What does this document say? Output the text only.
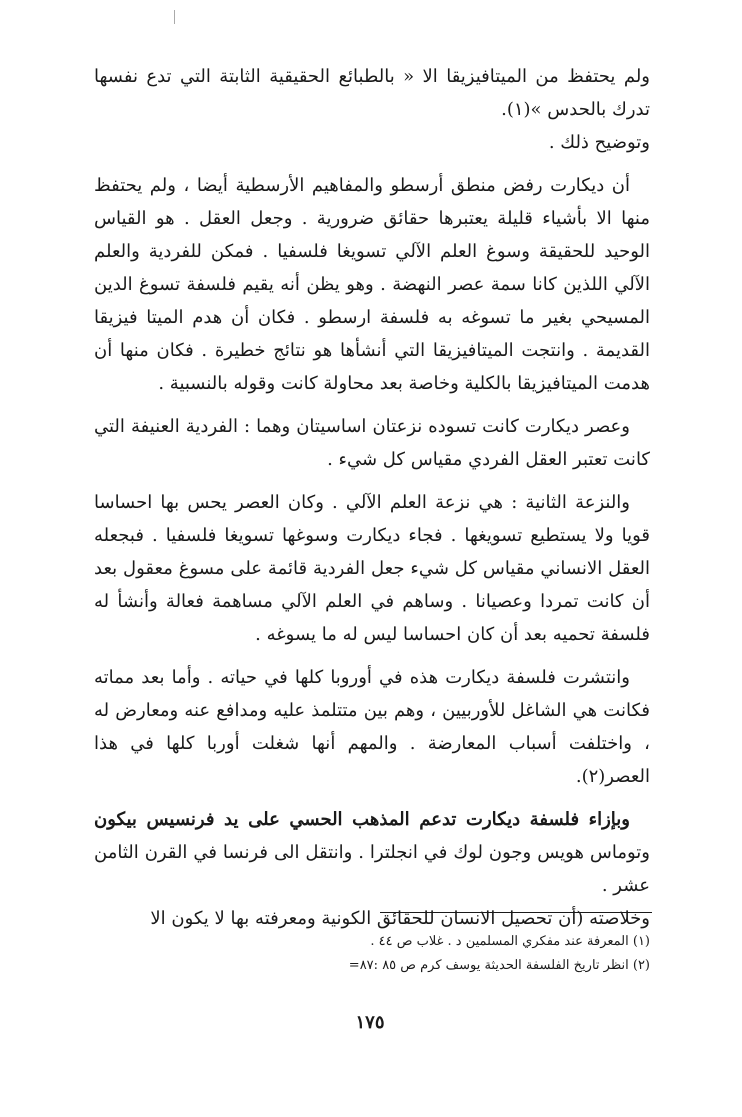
ولم يحتفظ من الميتافيزيقا الا « بالطبائع الحقيقية الثابتة التي تدع نفسها تدرك بالحدس »(١).

وتوضيح ذلك .

أن ديكارت رفض منطق أرسطو والمفاهيم الأرسطية أيضا ، ولم يحتفظ منها الا بأشياء قليلة يعتبرها حقائق ضرورية . وجعل العقل . هو القياس الوحيد للحقيقة وسوغ العلم الآلي تسويغا فلسفيا . فمكن للفردية والعلم الآلي اللذين كانا سمة عصر النهضة . وهو يظن أنه يقيم فلسفة تسوغ الدين المسيحي بغير ما تسوغه به فلسفة ارسطو . فكان أن هدم الميتا فيزيقا القديمة . وانتجت الميتافيزيقا التي أنشأها هو نتائج خطيرة . فكان منها أن هدمت الميتافيزيقا بالكلية وخاصة بعد محاولة كانت وقوله بالنسبية .

وعصر ديكارت كانت تسوده نزعتان اساسيتان وهما : الفردية العنيفة التي كانت تعتبر العقل الفردي مقياس كل شيء .

والنزعة الثانية : هي نزعة العلم الآلي . وكان العصر يحس بها احساسا قويا ولا يستطيع تسويغها . فجاء ديكارت وسوغها تسويغا فلسفيا . فبجعله العقل الانساني مقياس كل شيء جعل الفردية قائمة على مسوغ معقول بعد أن كانت تمردا وعصيانا . وساهم في العلم الآلي مساهمة فعالة وأنشأ له فلسفة تحميه بعد أن كان احساسا ليس له ما يسوغه .

وانتشرت فلسفة ديكارت هذه في أوروبا كلها في حياته . وأما بعد مماته فكانت هي الشاغل للأوربيين ، وهم بين متتلمذ عليه ومدافع عنه ومعارض له ، واختلفت أسباب المعارضة . والمهم أنها شغلت أوربا كلها في هذا العصر(٢).

وبإزاء فلسفة ديكارت تدعم المذهب الحسي على يد فرنسيس بيكون وتوماس هويس وجون لوك في انجلترا . وانتقل الى فرنسا في القرن الثامن عشر .

وخلاصته (أن تحصيل الانسان للحقائق الكونية ومعرفته بها لا يكون الا

(١) المعرفة عند مفكري المسلمين د . غلاب ص ٤٤ .

(٢) انظر تاريخ الفلسفة الحديثة يوسف كرم ص ٨٥ :٨٧=

١٧٥
